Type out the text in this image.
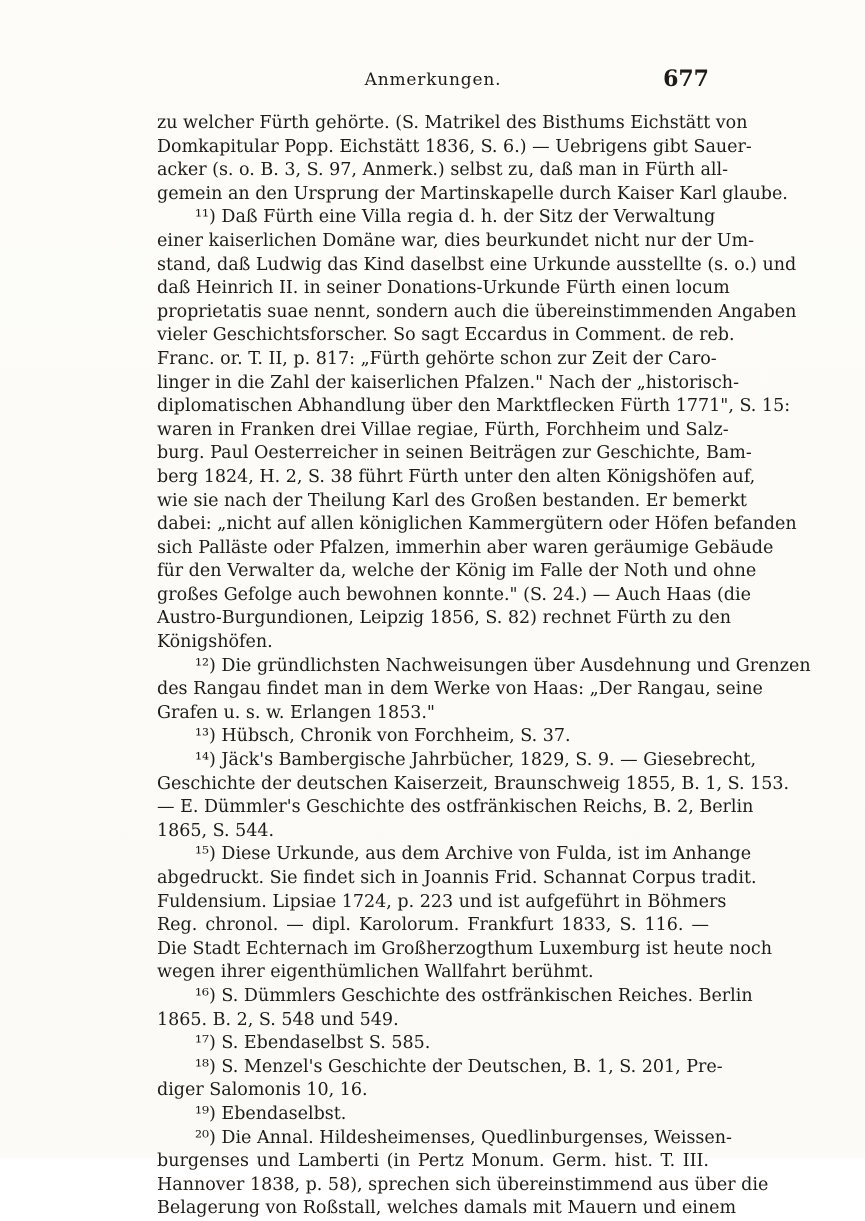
Anmerkungen.	677
zu welcher Fürth gehörte. (S. Matrikel des Bisthums Eichstätt von
Domkapitular Popp. Eichstätt 1836, S. 6.) — Uebrigens gibt Sauer-
acker (s. o. B. 3, S. 97, Anmerk.) selbst zu, daß man in Fürth all-
gemein an den Ursprung der Martinskapelle durch Kaiser Karl glaube.
¹¹) Daß Fürth eine Villa regia d. h. der Sitz der Verwaltung
einer kaiserlichen Domäne war, dies beurkundet nicht nur der Um-
stand, daß Ludwig das Kind daselbst eine Urkunde ausstellte (s. o.) und
daß Heinrich II. in seiner Donations-Urkunde Fürth einen locum
proprietatis suae nennt, sondern auch die übereinstimmenden Angaben
vieler Geschichtsforscher. So sagt Eccardus in Comment. de reb.
Franc. or. T. II, p. 817: „Fürth gehörte schon zur Zeit der Caro-
linger in die Zahl der kaiserlichen Pfalzen." Nach der „historisch-
diplomatischen Abhandlung über den Marktflecken Fürth 1771", S. 15:
waren in Franken drei Villae regiae, Fürth, Forchheim und Salz-
burg. Paul Oesterreicher in seinen Beiträgen zur Geschichte, Bam-
berg 1824, H. 2, S. 38 führt Fürth unter den alten Königshöfen auf,
wie sie nach der Theilung Karl des Großen bestanden. Er bemerkt
dabei: „nicht auf allen königlichen Kammergütern oder Höfen befanden
sich Palläste oder Pfalzen, immerhin aber waren geräumige Gebäude
für den Verwalter da, welche der König im Falle der Noth und ohne
großes Gefolge auch bewohnen konnte." (S. 24.) — Auch Haas (die
Austro-Burgundionen, Leipzig 1856, S. 82) rechnet Fürth zu den
Königshöfen.
¹²) Die gründlichsten Nachweisungen über Ausdehnung und Grenzen
des Rangau findet man in dem Werke von Haas: „Der Rangau, seine
Grafen u. s. w. Erlangen 1853."
¹³) Hübsch, Chronik von Forchheim, S. 37.
¹⁴) Jäck's Bambergische Jahrbücher, 1829, S. 9. — Giesebrecht,
Geschichte der deutschen Kaiserzeit, Braunschweig 1855, B. 1, S. 153.
— E. Dümmler's Geschichte des ostfränkischen Reichs, B. 2, Berlin
1865, S. 544.
¹⁵) Diese Urkunde, aus dem Archive von Fulda, ist im Anhange
abgedruckt. Sie findet sich in Joannis Frid. Schannat Corpus tradit.
Fuldensium. Lipsiae 1724, p. 223 und ist aufgeführt in Böhmers
Reg. chronol. — dipl. Karolorum. Frankfurt 1833, S. 116. —
Die Stadt Echternach im Großherzogthum Luxemburg ist heute noch
wegen ihrer eigenthümlichen Wallfahrt berühmt.
¹⁶) S. Dümmlers Geschichte des ostfränkischen Reiches. Berlin
1865. B. 2, S. 548 und 549.
¹⁷) S. Ebendaselbst S. 585.
¹⁸) S. Menzel's Geschichte der Deutschen, B. 1, S. 201, Pre-
diger Salomonis 10, 16.
¹⁹) Ebendaselbst.
²⁰) Die Annal. Hildesheimenses, Quedlinburgenses, Weissen-
burgenses und Lamberti (in Pertz Monum. Germ. hist. T. III.
Hannover 1838, p. 58), sprechen sich übereinstimmend aus über die
Belagerung von Roßstall, welches damals mit Mauern und einem
